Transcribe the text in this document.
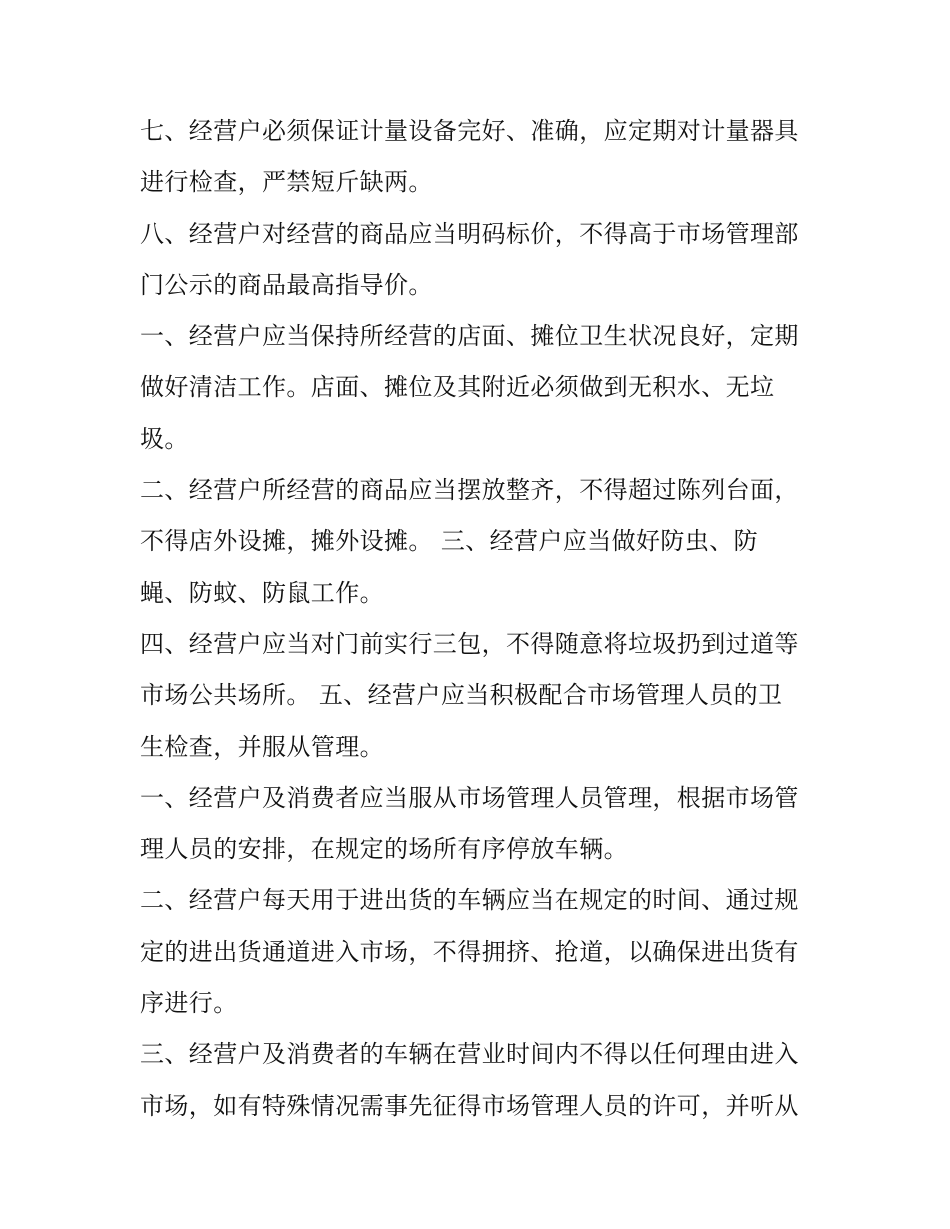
七、经营户必须保证计量设备完好、准确，应定期对计量器具
进行检查，严禁短斤缺两。
八、经营户对经营的商品应当明码标价，不得高于市场管理部
门公示的商品最高指导价。
一、经营户应当保持所经营的店面、摊位卫生状况良好，定期
做好清洁工作。店面、摊位及其附近必须做到无积水、无垃
圾。
二、经营户所经营的商品应当摆放整齐，不得超过陈列台面，
不得店外设摊，摊外设摊。 三、经营户应当做好防虫、防
蝇、防蚊、防鼠工作。
四、经营户应当对门前实行三包，不得随意将垃圾扔到过道等
市场公共场所。 五、经营户应当积极配合市场管理人员的卫
生检查，并服从管理。
一、经营户及消费者应当服从市场管理人员管理，根据市场管
理人员的安排，在规定的场所有序停放车辆。
二、经营户每天用于进出货的车辆应当在规定的时间、通过规
定的进出货通道进入市场，不得拥挤、抢道，以确保进出货有
序进行。
三、经营户及消费者的车辆在营业时间内不得以任何理由进入
市场，如有特殊情况需事先征得市场管理人员的许可，并听从
